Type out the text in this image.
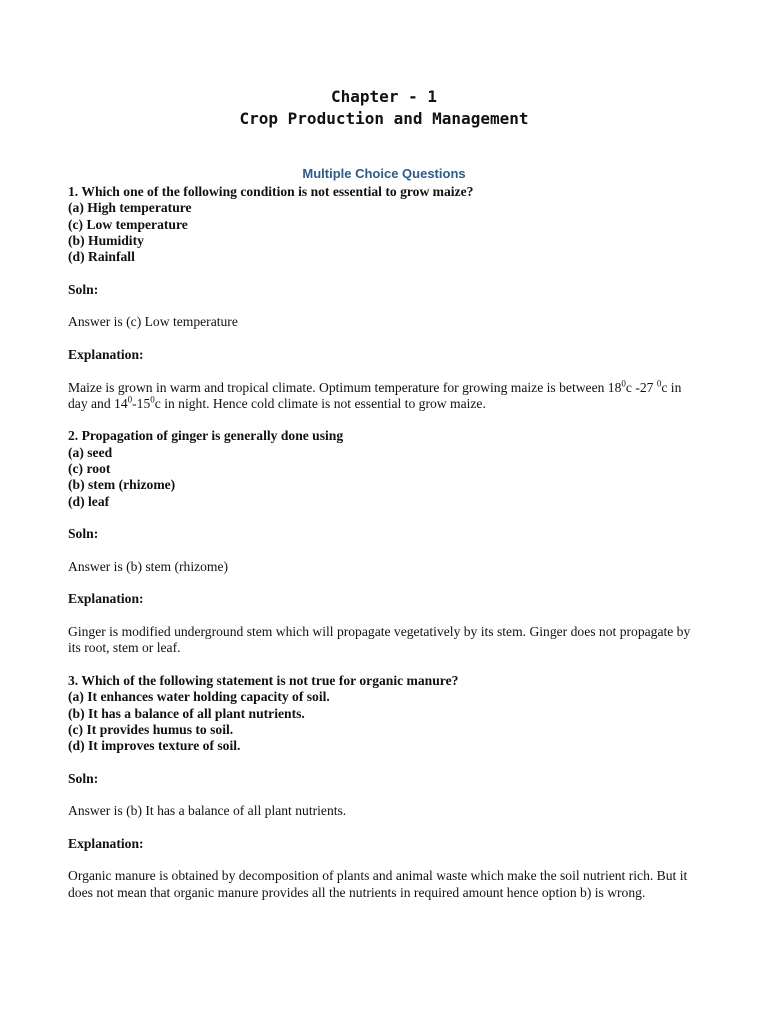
Chapter - 1
Crop Production and Management
Multiple Choice Questions
1. Which one of the following condition is not essential to grow maize?
(a) High temperature
(c) Low temperature
(b) Humidity
(d) Rainfall
Soln:
Answer is (c) Low temperature
Explanation:

Maize is grown in warm and tropical climate. Optimum temperature for growing maize is between $18^0c$ -27 $^0$c in day and $14^0-15^0c$ in night. Hence cold climate is not essential to grow maize.

2. Propagation of ginger is generally done using
(a) seed
(c) root
(b) stem (rhizome)
(d) leaf
Soln:
Answer is (b) stem (rhizome)
Explanation:

Ginger is modified underground stem which will propagate vegetatively by its stem. Ginger does not propagate by its root, stem or leaf.

3. Which of the following statement is not true for organic manure?
(a) It enhances water holding capacity of soil.
(b) It has a balance of all plant nutrients.
(c) It provides humus to soil.
(d) It improves texture of soil.
Soln:
Answer is (b) It has a balance of all plant nutrients.
Explanation:

Organic manure is obtained by decomposition of plants and animal waste which make the soil nutrient rich. But it does not mean that organic manure provides all the nutrients in required amount hence option b) is wrong.
